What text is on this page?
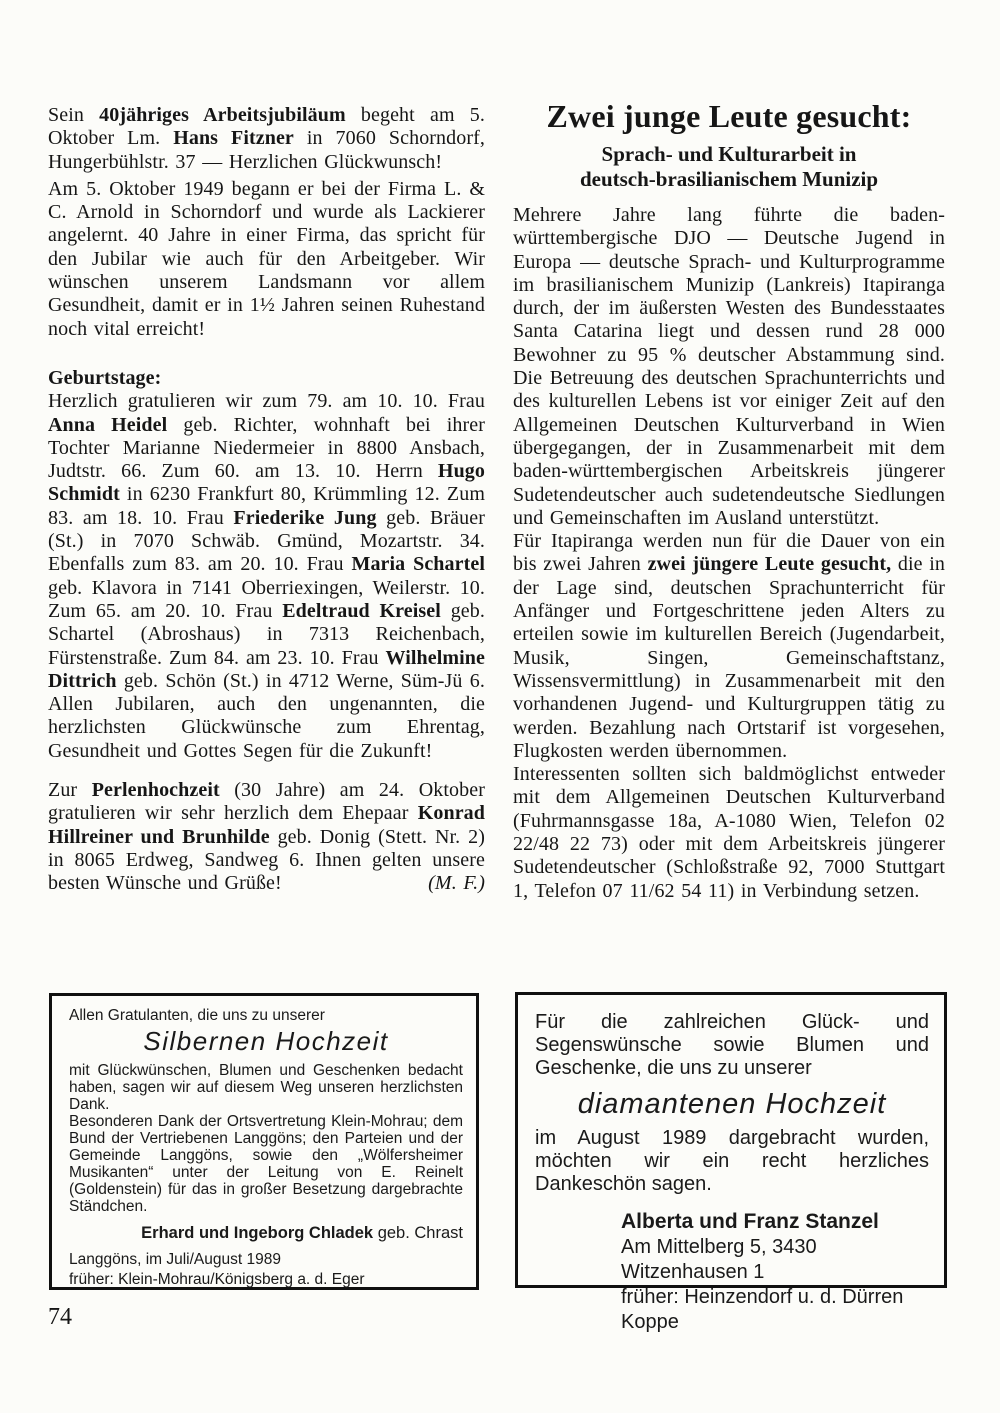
Sein 40jähriges Arbeitsjubiläum begeht am 5. Oktober Lm. Hans Fitzner in 7060 Schorndorf, Hungerbühlstr. 37 — Herzlichen Glückwunsch!

Am 5. Oktober 1949 begann er bei der Firma L. & C. Arnold in Schorndorf und wurde als Lackierer angelernt. 40 Jahre in einer Firma, das spricht für den Jubilar wie auch für den Arbeitgeber. Wir wünschen unserem Landsmann vor allem Gesundheit, damit er in 1½ Jahren seinen Ruhestand noch vital erreicht!

Geburtstage:

Herzlich gratulieren wir zum 79. am 10. 10. Frau Anna Heidel geb. Richter, wohnhaft bei ihrer Tochter Marianne Niedermeier in 8800 Ansbach, Judtstr. 66. Zum 60. am 13. 10. Herrn Hugo Schmidt in 6230 Frankfurt 80, Krümmling 12. Zum 83. am 18. 10. Frau Friederike Jung geb. Bräuer (St.) in 7070 Schwäb. Gmünd, Mozartstr. 34. Ebenfalls zum 83. am 20. 10. Frau Maria Schartel geb. Klavora in 7141 Oberriexingen, Weilerstr. 10. Zum 65. am 20. 10. Frau Edeltraud Kreisel geb. Schartel (Abroshaus) in 7313 Reichenbach, Fürstenstraße. Zum 84. am 23. 10. Frau Wilhelmine Dittrich geb. Schön (St.) in 4712 Werne, Süm-Jü 6. Allen Jubilaren, auch den ungenannten, die herzlichsten Glückwünsche zum Ehrentag, Gesundheit und Gottes Segen für die Zukunft!

Zur Perlenhochzeit (30 Jahre) am 24. Oktober gratulieren wir sehr herzlich dem Ehepaar Konrad Hillreiner und Brunhilde geb. Donig (Stett. Nr. 2) in 8065 Erdweg, Sandweg 6. Ihnen gelten unsere besten Wünsche und Grüße!	(M. F.)

Zwei junge Leute gesucht:
Sprach- und Kulturarbeit in
deutsch-brasilianischem Munizip

Mehrere Jahre lang führte die baden-württembergische DJO — Deutsche Jugend in Europa — deutsche Sprach- und Kulturprogramme im brasilianischem Munizip (Lankreis) Itapiranga durch, der im äußersten Westen des Bundesstaates Santa Catarina liegt und dessen rund 28 000 Bewohner zu 95 % deutscher Abstammung sind. Die Betreuung des deutschen Sprachunterrichts und des kulturellen Lebens ist vor einiger Zeit auf den Allgemeinen Deutschen Kulturverband in Wien übergegangen, der in Zusammenarbeit mit dem baden-württembergischen Arbeitskreis jüngerer Sudetendeutscher auch sudetendeutsche Siedlungen und Gemeinschaften im Ausland unterstützt.

Für Itapiranga werden nun für die Dauer von ein bis zwei Jahren zwei jüngere Leute gesucht, die in der Lage sind, deutschen Sprachunterricht für Anfänger und Fortgeschrittene jeden Alters zu erteilen sowie im kulturellen Bereich (Jugendarbeit, Musik, Singen, Gemeinschaftstanz, Wissensvermittlung) in Zusammenarbeit mit den vorhandenen Jugend- und Kulturgruppen tätig zu werden. Bezahlung nach Ortstarif ist vorgesehen, Flugkosten werden übernommen.

Interessenten sollten sich baldmöglichst entweder mit dem Allgemeinen Deutschen Kulturverband (Fuhrmannsgasse 18a, A-1080 Wien, Telefon 02 22/48 22 73) oder mit dem Arbeitskreis jüngerer Sudetendeutscher (Schloßstraße 92, 7000 Stuttgart 1, Telefon 07 11/62 54 11) in Verbindung setzen.

Allen Gratulanten, die uns zu unserer
Silbernen Hochzeit

mit Glückwünschen, Blumen und Geschenken bedacht haben, sagen wir auf diesem Weg unseren herzlichsten Dank.

Besonderen Dank der Ortsvertretung Klein-Mohrau; dem Bund der Vertriebenen Langgöns; den Parteien und der Gemeinde Langgöns, sowie den „Wölfersheimer Musikanten“ unter der Leitung von E. Reinelt (Goldenstein) für das in großer Besetzung dargebrachte Ständchen.

Erhard und Ingeborg Chladek geb. Chrast
Langgöns, im Juli/August 1989
früher: Klein-Mohrau/Königsberg a. d. Eger

Für die zahlreichen Glück- und Segenswünsche sowie Blumen und Geschenke, die uns zu unserer

diamantenen Hochzeit

im August 1989 dargebracht wurden, möchten wir ein recht herzliches Dankeschön sagen.

Alberta und Franz Stanzel
Am Mittelberg 5, 3430 Witzenhausen 1
früher: Heinzendorf u. d. Dürren Koppe
74
